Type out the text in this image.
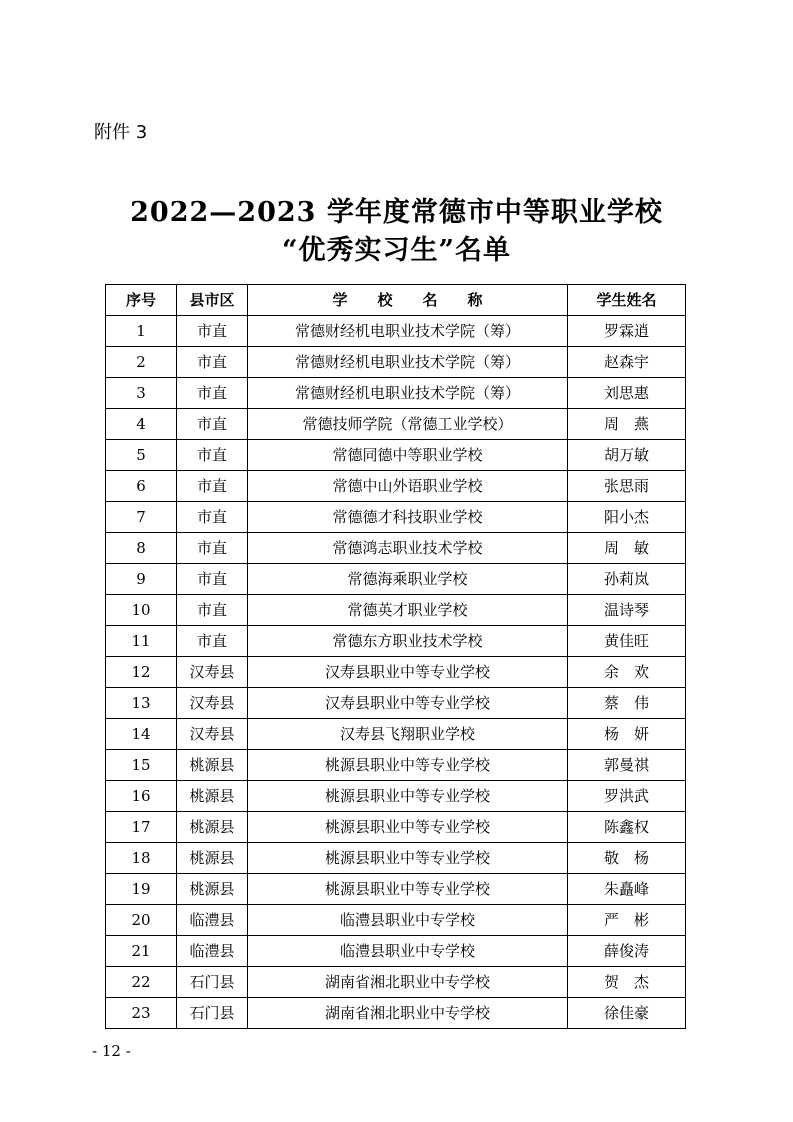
附件 3
2022—2023 学年度常德市中等职业学校
“优秀实习生”名单
序号	县市区	学　　校　　名　　称	学生姓名
1	市直	常德财经机电职业技术学院（筹）	罗霖逍
2	市直	常德财经机电职业技术学院（筹）	赵森宇
3	市直	常德财经机电职业技术学院（筹）	刘思惠
4	市直	常德技师学院（常德工业学校）	周　燕
5	市直	常德同德中等职业学校	胡万敏
6	市直	常德中山外语职业学校	张思雨
7	市直	常德德才科技职业学校	阳小杰
8	市直	常德鸿志职业技术学校	周　敏
9	市直	常德海乘职业学校	孙莉岚
10	市直	常德英才职业学校	温诗琴
11	市直	常德东方职业技术学校	黄佳旺
12	汉寿县	汉寿县职业中等专业学校	余　欢
13	汉寿县	汉寿县职业中等专业学校	蔡　伟
14	汉寿县	汉寿县飞翔职业学校	杨　妍
15	桃源县	桃源县职业中等专业学校	郭曼祺
16	桃源县	桃源县职业中等专业学校	罗洪武
17	桃源县	桃源县职业中等专业学校	陈鑫权
18	桃源县	桃源县职业中等专业学校	敬　杨
19	桃源县	桃源县职业中等专业学校	朱矗峰
20	临澧县	临澧县职业中专学校	严　彬
21	临澧县	临澧县职业中专学校	薛俊涛
22	石门县	湖南省湘北职业中专学校	贺　杰
23	石门县	湖南省湘北职业中专学校	徐佳豪
- 12 -
